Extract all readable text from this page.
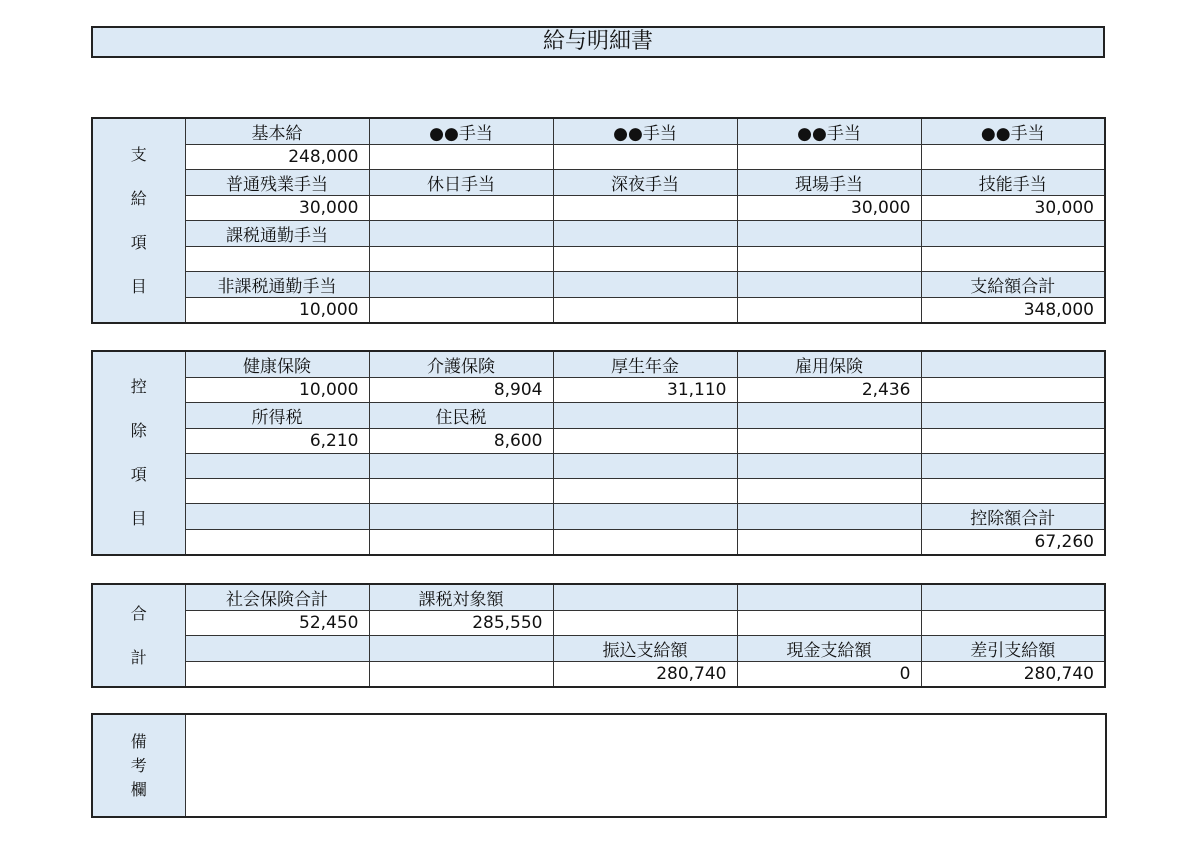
給与明細書
支
給
項
目	基本給	●●手当	●●手当	●●手当	●●手当
	248,000				
	普通残業手当	休日手当	深夜手当	現場手当	技能手当
	30,000			30,000	30,000
	課税通勤手当				

	非課税通勤手当				支給額合計
	10,000				348,000
控
除
項
目	健康保険	介護保険	厚生年金	雇用保険	
	10,000	8,904	31,110	2,436	
	所得税	住民税			
	6,210	8,600			

					控除額合計
					67,260
合
計	社会保険合計	課税対象額			
	52,450	285,550			
			振込支給額	現金支給額	差引支給額
			280,740	0	280,740
備
考
欄
